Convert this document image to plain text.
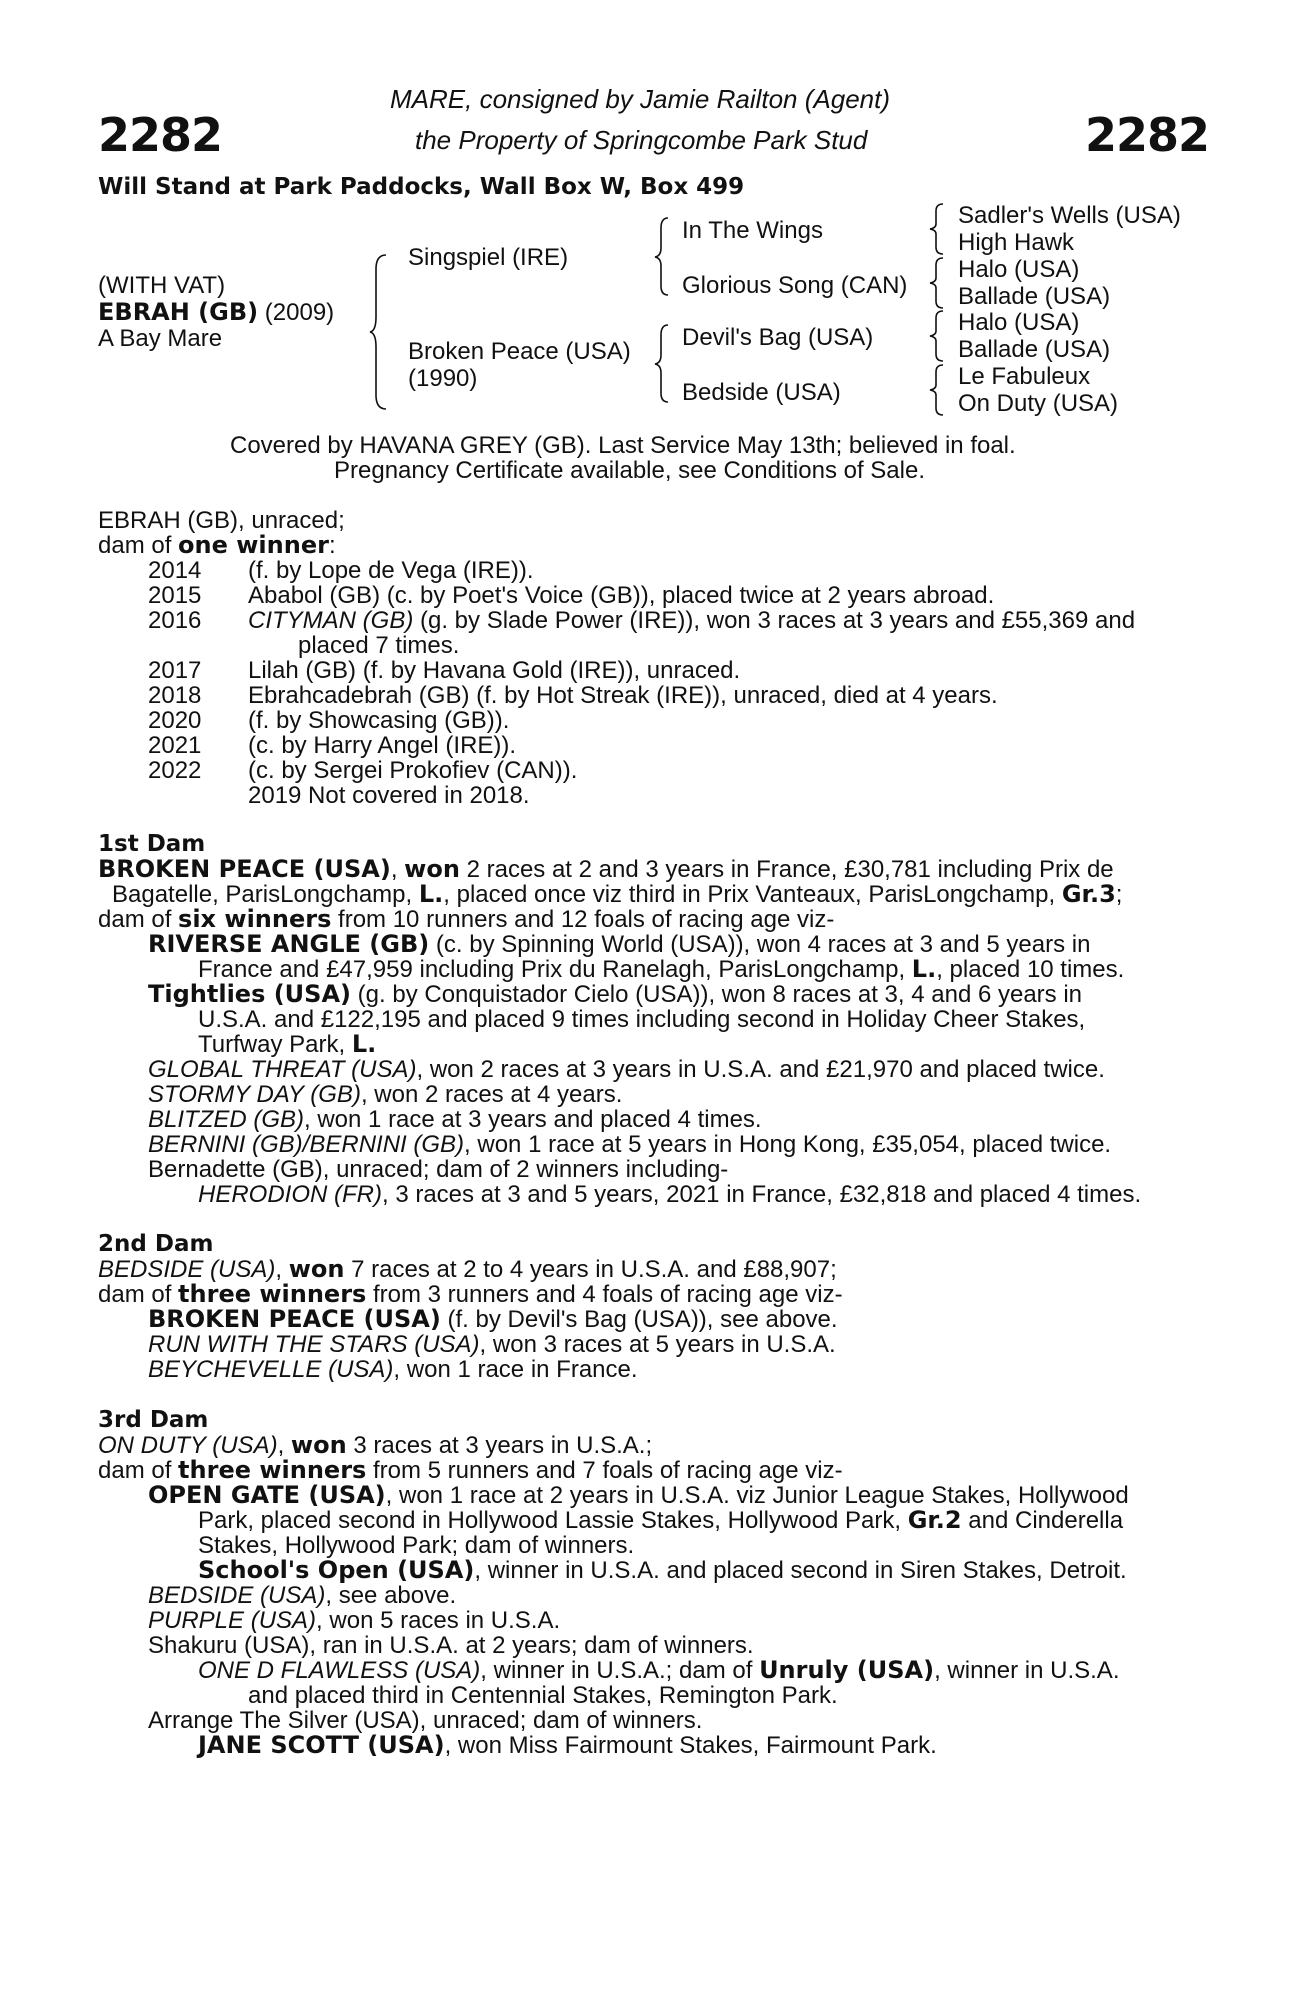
2282	2282
MARE, consigned by Jamie Railton (Agent)
the Property of Springcombe Park Stud
Will Stand at Park Paddocks, Wall Box W, Box 499
(WITH VAT)
EBRAH (GB) (2009)
A Bay Mare
Singspiel (IRE)
Broken Peace (USA)
(1990)
In The Wings
Glorious Song (CAN)
Devil's Bag (USA)
Bedside (USA)
Sadler's Wells (USA)
High Hawk
Halo (USA)
Ballade (USA)
Halo (USA)
Ballade (USA)
Le Fabuleux
On Duty (USA)
Covered by HAVANA GREY (GB). Last Service May 13th; believed in foal.
Pregnancy Certificate available, see Conditions of Sale.
EBRAH (GB), unraced;
dam of one winner:
2014 (f. by Lope de Vega (IRE)).
2015 Ababol (GB) (c. by Poet's Voice (GB)), placed twice at 2 years abroad.
2016 CITYMAN (GB) (g. by Slade Power (IRE)), won 3 races at 3 years and £55,369 and
placed 7 times.
2017 Lilah (GB) (f. by Havana Gold (IRE)), unraced.
2018 Ebrahcadebrah (GB) (f. by Hot Streak (IRE)), unraced, died at 4 years.
2020 (f. by Showcasing (GB)).
2021 (c. by Harry Angel (IRE)).
2022 (c. by Sergei Prokofiev (CAN)).
2019 Not covered in 2018.
1st Dam
BROKEN PEACE (USA), won 2 races at 2 and 3 years in France, £30,781 including Prix de
Bagatelle, ParisLongchamp, L., placed once viz third in Prix Vanteaux, ParisLongchamp, Gr.3;
dam of six winners from 10 runners and 12 foals of racing age viz-
RIVERSE ANGLE (GB) (c. by Spinning World (USA)), won 4 races at 3 and 5 years in
France and £47,959 including Prix du Ranelagh, ParisLongchamp, L., placed 10 times.
Tightlies (USA) (g. by Conquistador Cielo (USA)), won 8 races at 3, 4 and 6 years in
U.S.A. and £122,195 and placed 9 times including second in Holiday Cheer Stakes,
Turfway Park, L.
GLOBAL THREAT (USA), won 2 races at 3 years in U.S.A. and £21,970 and placed twice.
STORMY DAY (GB), won 2 races at 4 years.
BLITZED (GB), won 1 race at 3 years and placed 4 times.
BERNINI (GB)/BERNINI (GB), won 1 race at 5 years in Hong Kong, £35,054, placed twice.
Bernadette (GB), unraced; dam of 2 winners including-
HERODION (FR), 3 races at 3 and 5 years, 2021 in France, £32,818 and placed 4 times.
2nd Dam
BEDSIDE (USA), won 7 races at 2 to 4 years in U.S.A. and £88,907;
dam of three winners from 3 runners and 4 foals of racing age viz-
BROKEN PEACE (USA) (f. by Devil's Bag (USA)), see above.
RUN WITH THE STARS (USA), won 3 races at 5 years in U.S.A.
BEYCHEVELLE (USA), won 1 race in France.
3rd Dam
ON DUTY (USA), won 3 races at 3 years in U.S.A.;
dam of three winners from 5 runners and 7 foals of racing age viz-
OPEN GATE (USA), won 1 race at 2 years in U.S.A. viz Junior League Stakes, Hollywood
Park, placed second in Hollywood Lassie Stakes, Hollywood Park, Gr.2 and Cinderella
Stakes, Hollywood Park; dam of winners.
School's Open (USA), winner in U.S.A. and placed second in Siren Stakes, Detroit.
BEDSIDE (USA), see above.
PURPLE (USA), won 5 races in U.S.A.
Shakuru (USA), ran in U.S.A. at 2 years; dam of winners.
ONE D FLAWLESS (USA), winner in U.S.A.; dam of Unruly (USA), winner in U.S.A.
and placed third in Centennial Stakes, Remington Park.
Arrange The Silver (USA), unraced; dam of winners.
JANE SCOTT (USA), won Miss Fairmount Stakes, Fairmount Park.
